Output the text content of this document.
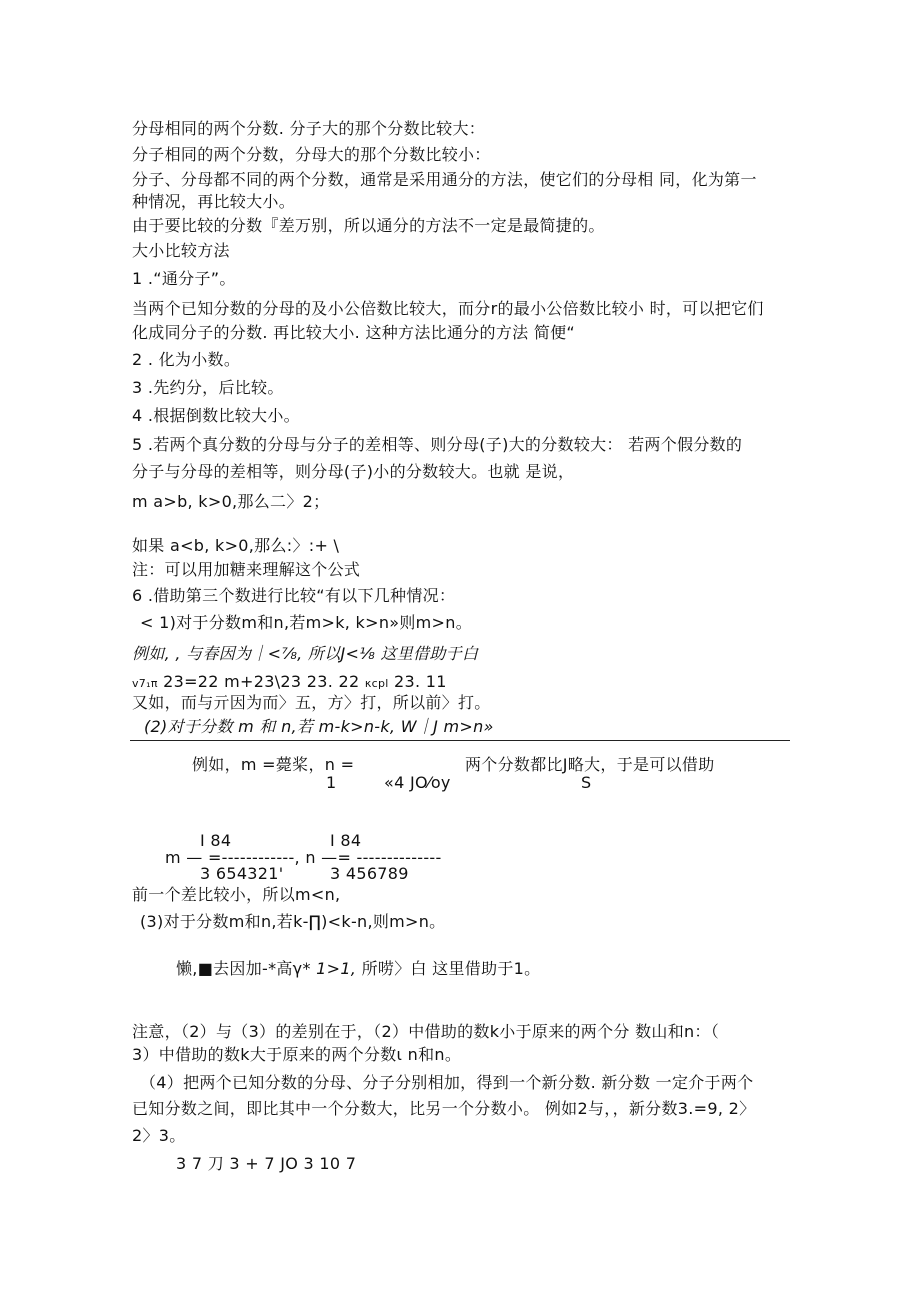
分母相同的两个分数. 分子大的那个分数比较大：
分子相同的两个分数，分母大的那个分数比较小：
分子、分母都不同的两个分数，通常是采用通分的方法，使它们的分母相 同，化为第一
种情况，再比较大小。
由于要比较的分数『差万别，所以通分的方法不一定是最简捷的。
大小比较方法
1 .“通分子”。
当两个已知分数的分母的及小公倍数比较大，而分r的最小公倍数比较小 时，可以把它们
化成同分子的分数. 再比较大小. 这种方法比通分的方法 简便“
2 . 化为小数。
3 .先约分，后比较。
4 .根据倒数比较大小。
5 .若两个真分数的分母与分子的差相等、则分母(子)大的分数较大： 若两个假分数的
分子与分母的差相等，则分母(子)小的分数较大。也就 是说，
m a>b, k>0,那么二〉2；
如果 a<b, k>0,那么:〉:+ \
注：可以用加糖来理解这个公式
6 .借助第三个数进行比较“有以下几种情况：
< 1)对于分数m和n,若m>k, k>n»则m>n。
例如, , 与春因为｜<⅞, 所以J<⅛ 这里借助于白
v7₁π 23=22 m+23\23 23. 22 κcpl 23. 11
又如，而与亓因为而〉五，方〉打，所以前〉打。
(2)对于分数 m 和 n,若 m-k>n-k, W｜J m>n»
例如，m =薨桨，n =	两个分数都比J略大，于是可以借助
1	«4 JO⁄oy	S
I 84	I 84
m — =------------, n —= --------------
3 654321'	3 456789
前一个差比较小，所以m<n,
(3)对于分数m和n,若k-∏)<k-n,则m>n。
懒,■去因加-*高γ* 1>1, 所唠〉白 这里借助于1。
注意，（2）与（3）的差别在于，（2）中借助的数k小于原来的两个分 数山和n：（
3）中借助的数k大于原来的两个分数ι n和n。
（4）把两个已知分数的分母、分子分别相加，得到一个新分数. 新分数 一定介于两个
已知分数之间，即比其中一个分数大，比另一个分数小。 例如2与，，新分数3.=9, 2〉
2〉3。
3 7 刀 3 + 7 JO 3 10 7
